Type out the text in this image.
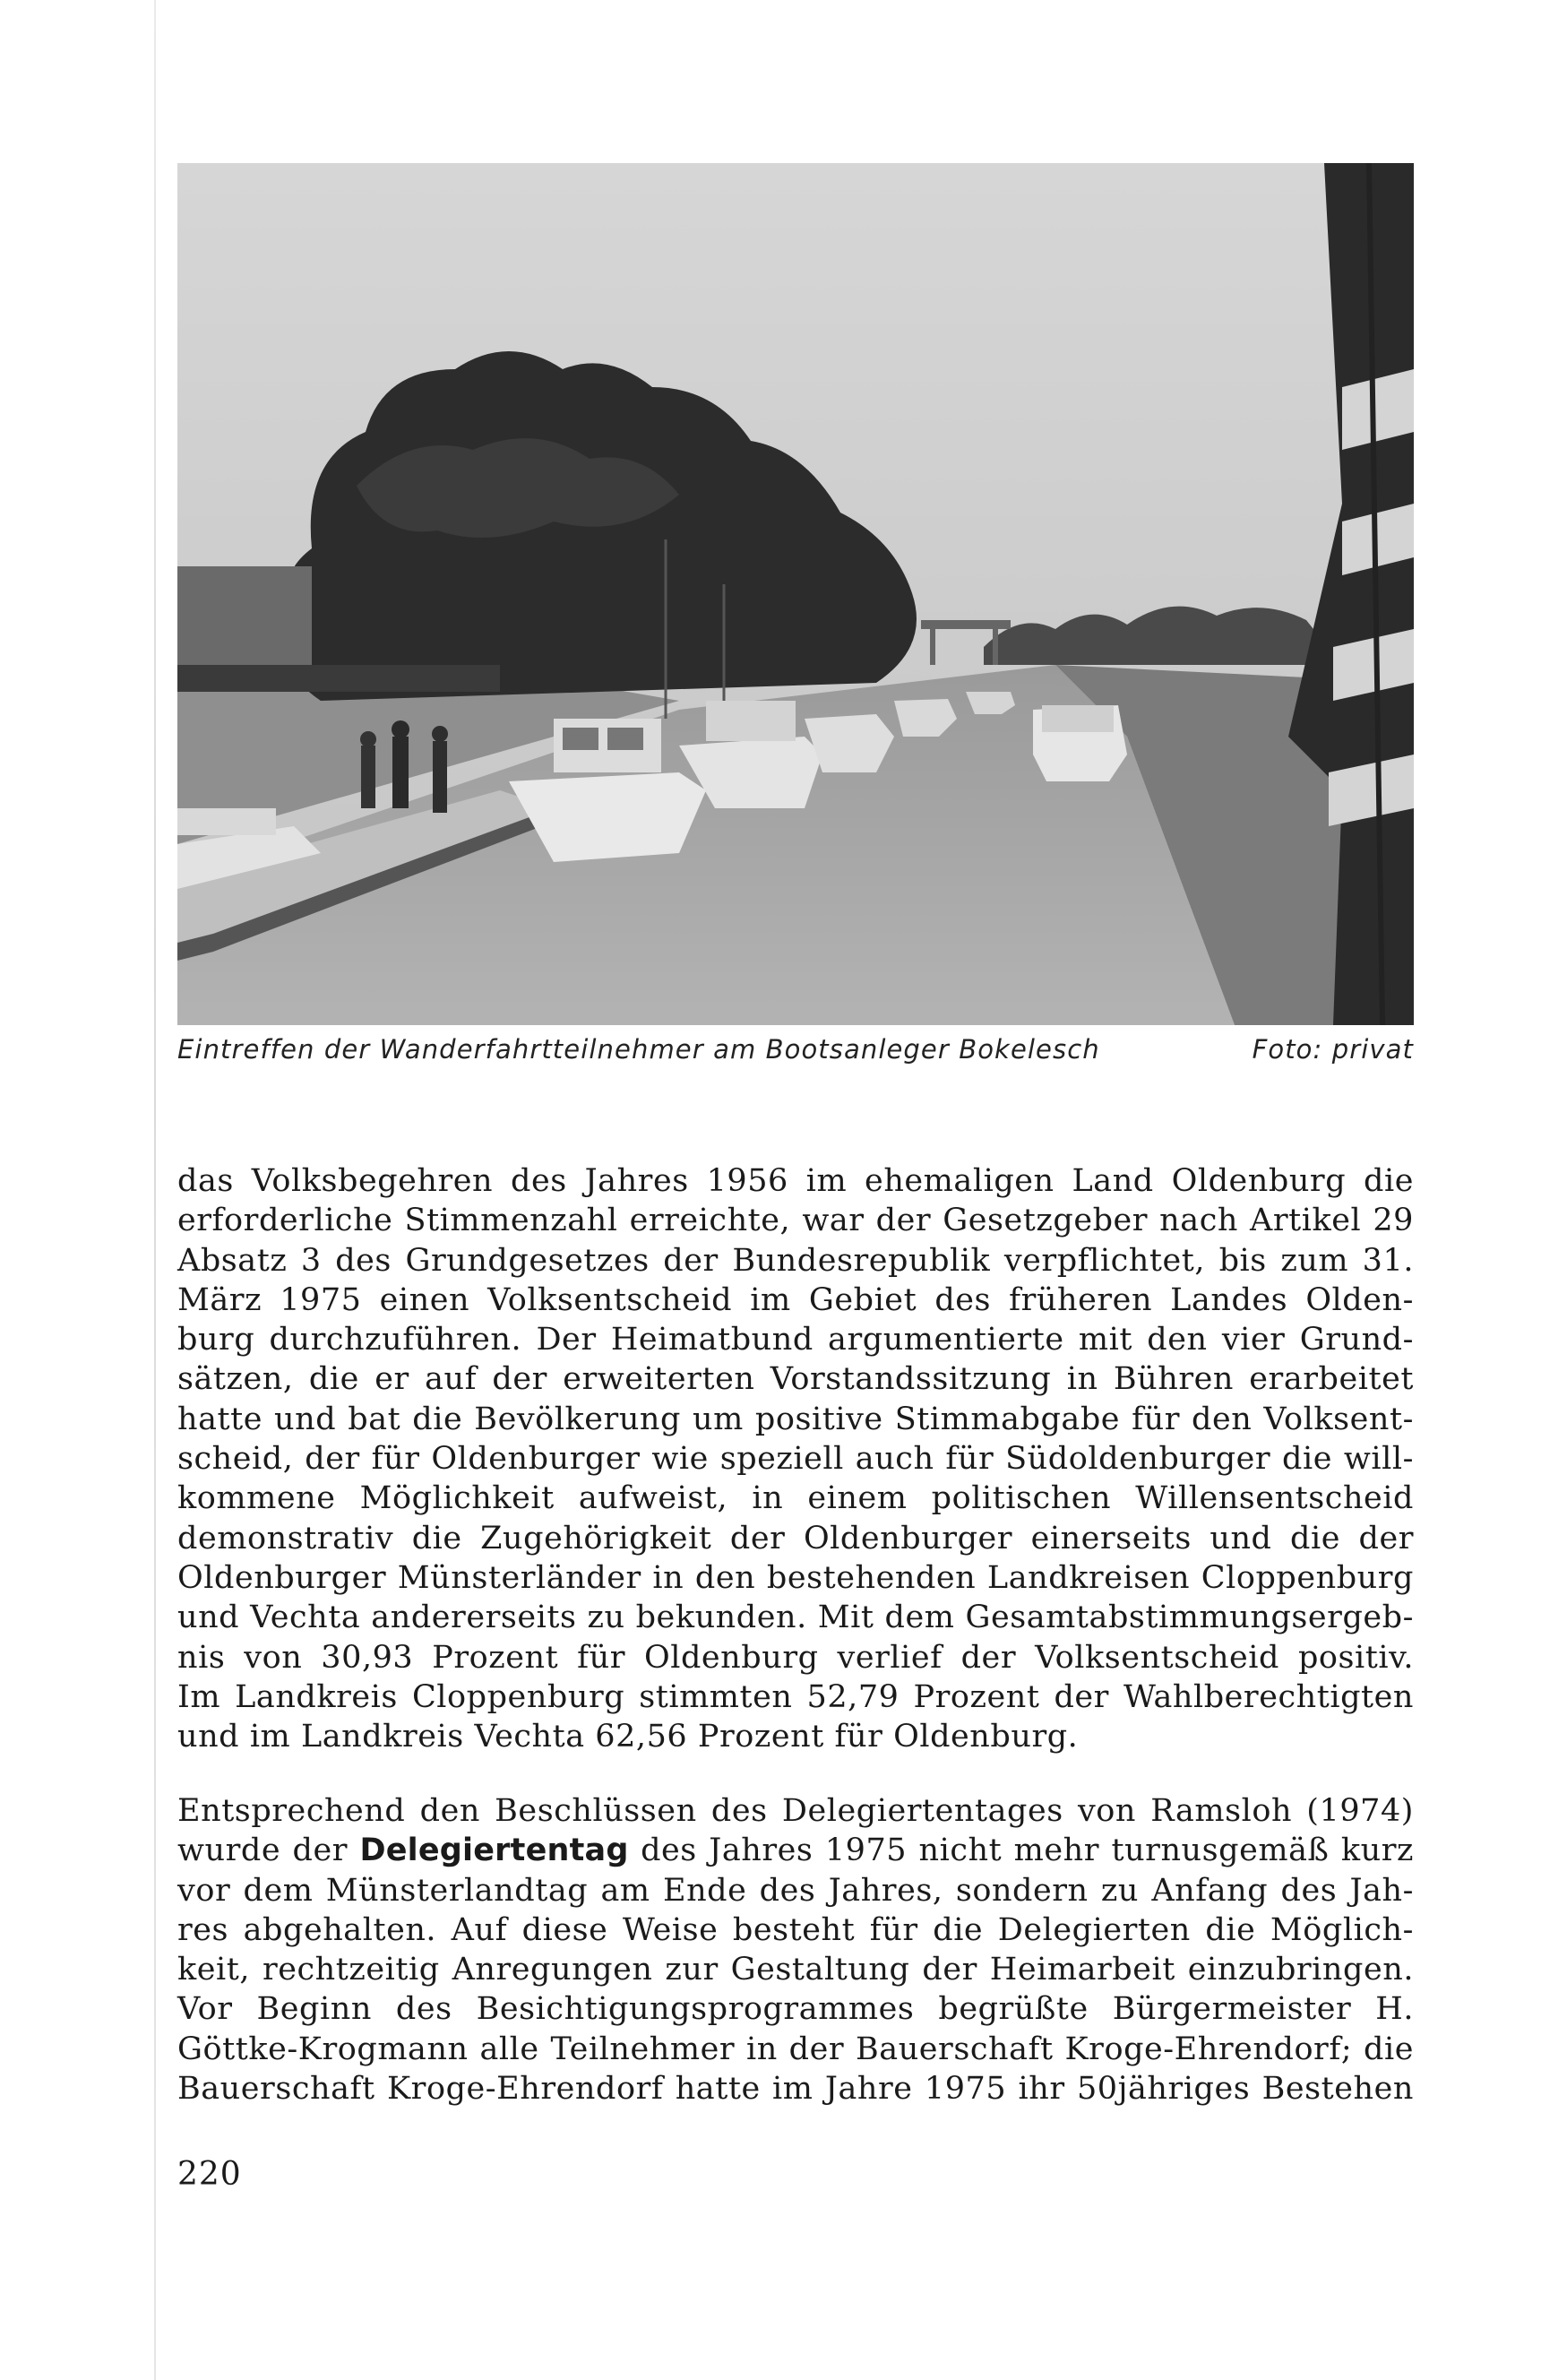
Eintreffen der Wanderfahrtteilnehmer am Bootsanleger Bokelesch	Foto: privat

das Volksbegehren des Jahres 1956 im ehemaligen Land Oldenburg die
erforderliche Stimmenzahl erreichte, war der Gesetzgeber nach Artikel 29
Absatz 3 des Grundgesetzes der Bundesrepublik verpflichtet, bis zum 31.
März 1975 einen Volksentscheid im Gebiet des früheren Landes Olden-
burg durchzuführen. Der Heimatbund argumentierte mit den vier Grund-
sätzen, die er auf der erweiterten Vorstandssitzung in Bühren erarbeitet
hatte und bat die Bevölkerung um positive Stimmabgabe für den Volksent-
scheid, der für Oldenburger wie speziell auch für Südoldenburger die will-
kommene Möglichkeit aufweist, in einem politischen Willensentscheid
demonstrativ die Zugehörigkeit der Oldenburger einerseits und die der
Oldenburger Münsterländer in den bestehenden Landkreisen Cloppenburg
und Vechta andererseits zu bekunden. Mit dem Gesamtabstimmungsergeb-
nis von 30,93 Prozent für Oldenburg verlief der Volksentscheid positiv.
Im Landkreis Cloppenburg stimmten 52,79 Prozent der Wahlberechtigten
und im Landkreis Vechta 62,56 Prozent für Oldenburg.

Entsprechend den Beschlüssen des Delegiertentages von Ramsloh (1974)
wurde der Delegiertentag des Jahres 1975 nicht mehr turnusgemäß kurz
vor dem Münsterlandtag am Ende des Jahres, sondern zu Anfang des Jah-
res abgehalten. Auf diese Weise besteht für die Delegierten die Möglich-
keit, rechtzeitig Anregungen zur Gestaltung der Heimarbeit einzubringen.
Vor Beginn des Besichtigungsprogrammes begrüßte Bürgermeister H.
Göttke-Krogmann alle Teilnehmer in der Bauerschaft Kroge-Ehrendorf; die
Bauerschaft Kroge-Ehrendorf hatte im Jahre 1975 ihr 50jähriges Bestehen

220
